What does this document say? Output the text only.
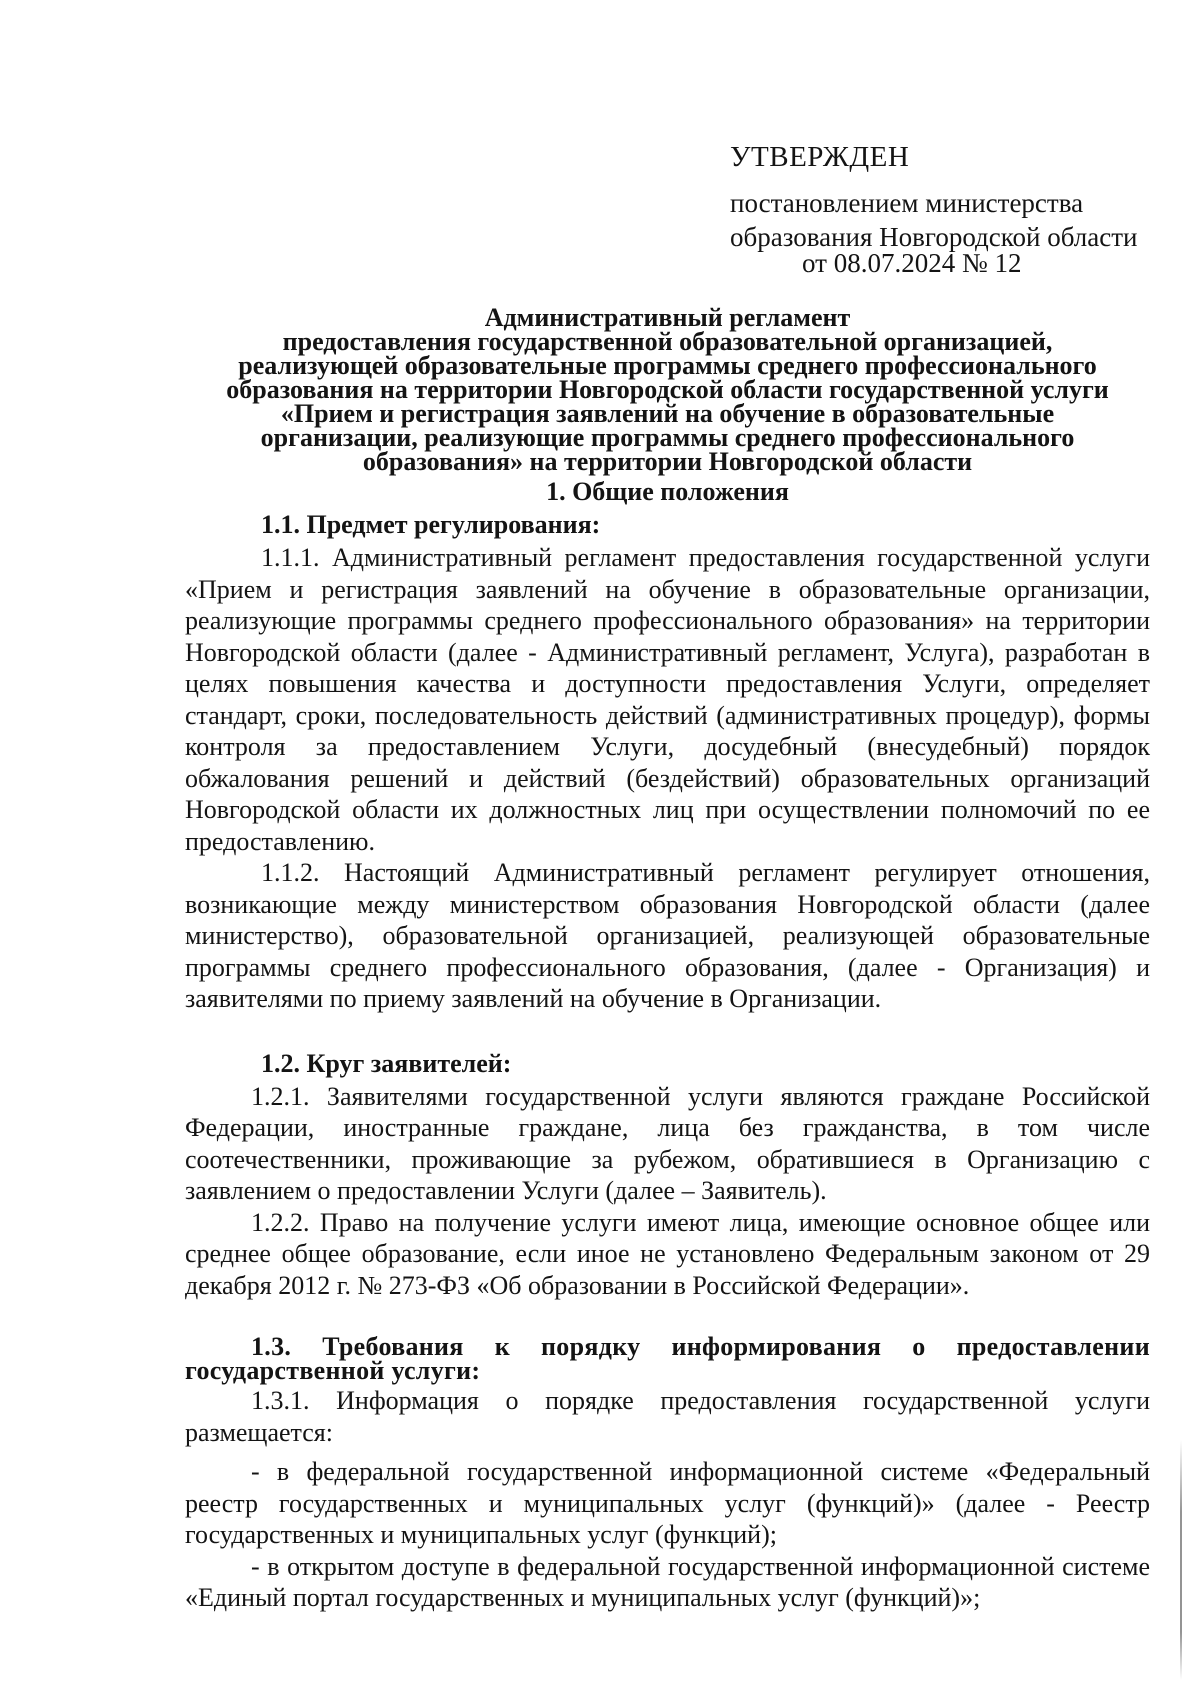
УТВЕРЖДЕН
постановлением министерства
образования Новгородской области
от 08.07.2024 № 12
Административный регламент
предоставления государственной образовательной организацией,
реализующей образовательные программы среднего профессионального
образования на территории Новгородской области государственной услуги
«Прием и регистрация заявлений на обучение в образовательные
организации, реализующие программы среднего профессионального
образования» на территории Новгородской области
1. Общие положения
1.1. Предмет регулирования:

1.1.1. Административный регламент предоставления государственной услуги «Прием и регистрация заявлений на обучение в образовательные организации, реализующие программы среднего профессионального образования» на территории Новгородской области (далее - Административный регламент, Услуга), разработан в целях повышения качества и доступности предоставления Услуги, определяет стандарт, сроки, последовательность действий (административных процедур), формы контроля за предоставлением Услуги, досудебный (внесудебный) порядок обжалования решений и действий (бездействий) образовательных организаций Новгородской области их должностных лиц при осуществлении полномочий по ее предоставлению.

1.1.2. Настоящий Административный регламент регулирует отношения, возникающие между министерством образования Новгородской области (далее министерство), образовательной организацией, реализующей образовательные программы среднего профессионального образования, (далее - Организация) и заявителями по приему заявлений на обучение в Организации.

1.2. Круг заявителей:

1.2.1. Заявителями государственной услуги являются граждане Российской Федерации, иностранные граждане, лица без гражданства, в том числе соотечественники, проживающие за рубежом, обратившиеся в Организацию с заявлением о предоставлении Услуги (далее – Заявитель).

1.2.2. Право на получение услуги имеют лица, имеющие основное общее или среднее общее образование, если иное не установлено Федеральным законом от 29 декабря 2012 г. № 273-ФЗ «Об образовании в Российской Федерации».

1.3. Требования к порядку информирования о предоставлении государственной услуги:

1.3.1. Информация о порядке предоставления государственной услуги размещается:

- в федеральной государственной информационной системе «Федеральный реестр государственных и муниципальных услуг (функций)» (далее - Реестр государственных и муниципальных услуг (функций);

- в открытом доступе в федеральной государственной информационной системе «Единый портал государственных и муниципальных услуг (функций)»;
